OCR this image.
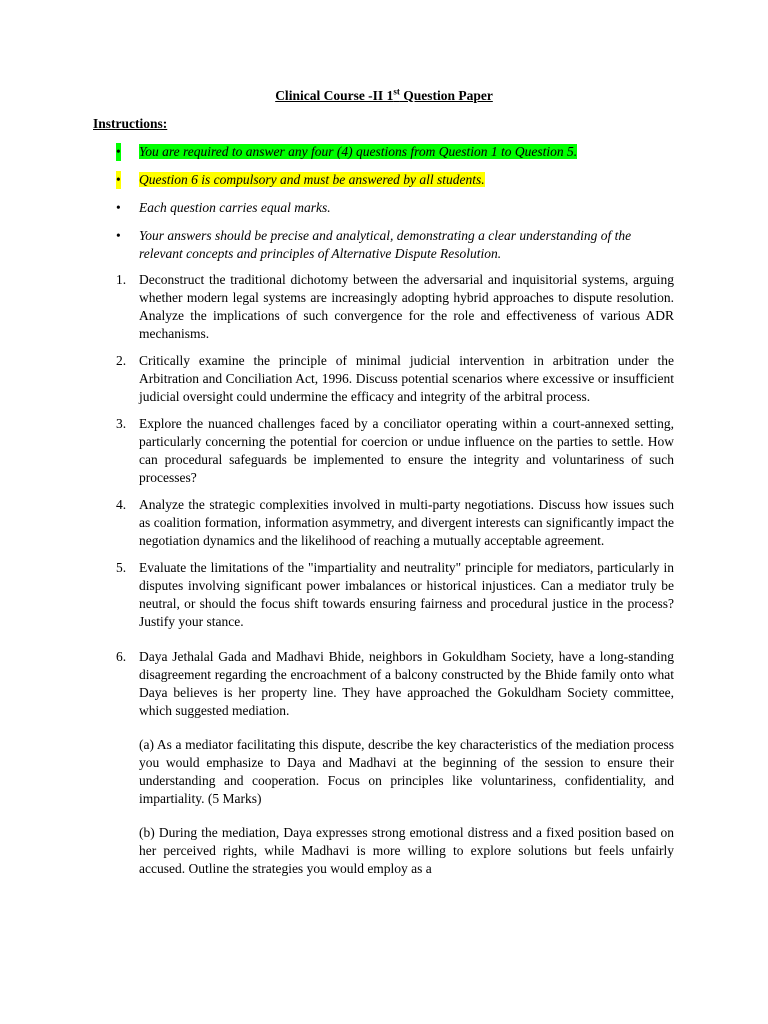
Clinical Course -II 1st Question Paper
Instructions:
• You are required to answer any four (4) questions from Question 1 to Question 5.
• Question 6 is compulsory and must be answered by all students.
• Each question carries equal marks.
• Your answers should be precise and analytical, demonstrating a clear understanding of the relevant concepts and principles of Alternative Dispute Resolution.
1. Deconstruct the traditional dichotomy between the adversarial and inquisitorial systems, arguing whether modern legal systems are increasingly adopting hybrid approaches to dispute resolution. Analyze the implications of such convergence for the role and effectiveness of various ADR mechanisms.
2. Critically examine the principle of minimal judicial intervention in arbitration under the Arbitration and Conciliation Act, 1996. Discuss potential scenarios where excessive or insufficient judicial oversight could undermine the efficacy and integrity of the arbitral process.
3. Explore the nuanced challenges faced by a conciliator operating within a court-annexed setting, particularly concerning the potential for coercion or undue influence on the parties to settle. How can procedural safeguards be implemented to ensure the integrity and voluntariness of such processes?
4. Analyze the strategic complexities involved in multi-party negotiations. Discuss how issues such as coalition formation, information asymmetry, and divergent interests can significantly impact the negotiation dynamics and the likelihood of reaching a mutually acceptable agreement.
5. Evaluate the limitations of the "impartiality and neutrality" principle for mediators, particularly in disputes involving significant power imbalances or historical injustices. Can a mediator truly be neutral, or should the focus shift towards ensuring fairness and procedural justice in the process? Justify your stance.
6. Daya Jethalal Gada and Madhavi Bhide, neighbors in Gokuldham Society, have a long-standing disagreement regarding the encroachment of a balcony constructed by the Bhide family onto what Daya believes is her property line. They have approached the Gokuldham Society committee, which suggested mediation.
(a) As a mediator facilitating this dispute, describe the key characteristics of the mediation process you would emphasize to Daya and Madhavi at the beginning of the session to ensure their understanding and cooperation. Focus on principles like voluntariness, confidentiality, and impartiality. (5 Marks)
(b) During the mediation, Daya expresses strong emotional distress and a fixed position based on her perceived rights, while Madhavi is more willing to explore solutions but feels unfairly accused. Outline the strategies you would employ as a
